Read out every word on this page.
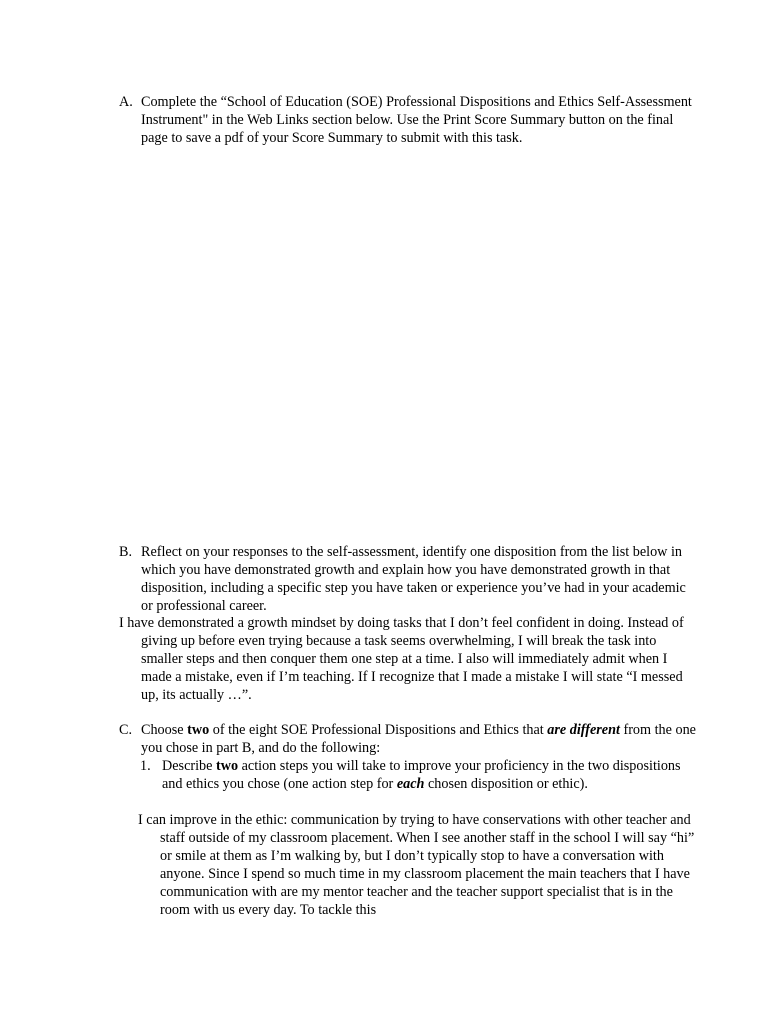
A. Complete the “School of Education (SOE) Professional Dispositions and Ethics Self-Assessment Instrument" in the Web Links section below. Use the Print Score Summary button on the final page to save a pdf of your Score Summary to submit with this task.

B. Reflect on your responses to the self-assessment, identify one disposition from the list below in which you have demonstrated growth and explain how you have demonstrated growth in that disposition, including a specific step you have taken or experience you’ve had in your academic or professional career.

I have demonstrated a growth mindset by doing tasks that I don’t feel confident in doing. Instead of giving up before even trying because a task seems overwhelming, I will break the task into smaller steps and then conquer them one step at a time. I also will immediately admit when I made a mistake, even if I’m teaching. If I recognize that I made a mistake I will state “I messed up, its actually …”.

C. Choose two of the eight SOE Professional Dispositions and Ethics that are different from the one you chose in part B, and do the following:

1. Describe two action steps you will take to improve your proficiency in the two dispositions and ethics you chose (one action step for each chosen disposition or ethic).

I can improve in the ethic: communication by trying to have conservations with other teacher and staff outside of my classroom placement. When I see another staff in the school I will say “hi” or smile at them as I’m walking by, but I don’t typically stop to have a conversation with anyone. Since I spend so much time in my classroom placement the main teachers that I have communication with are my mentor teacher and the teacher support specialist that is in the room with us every day. To tackle this
